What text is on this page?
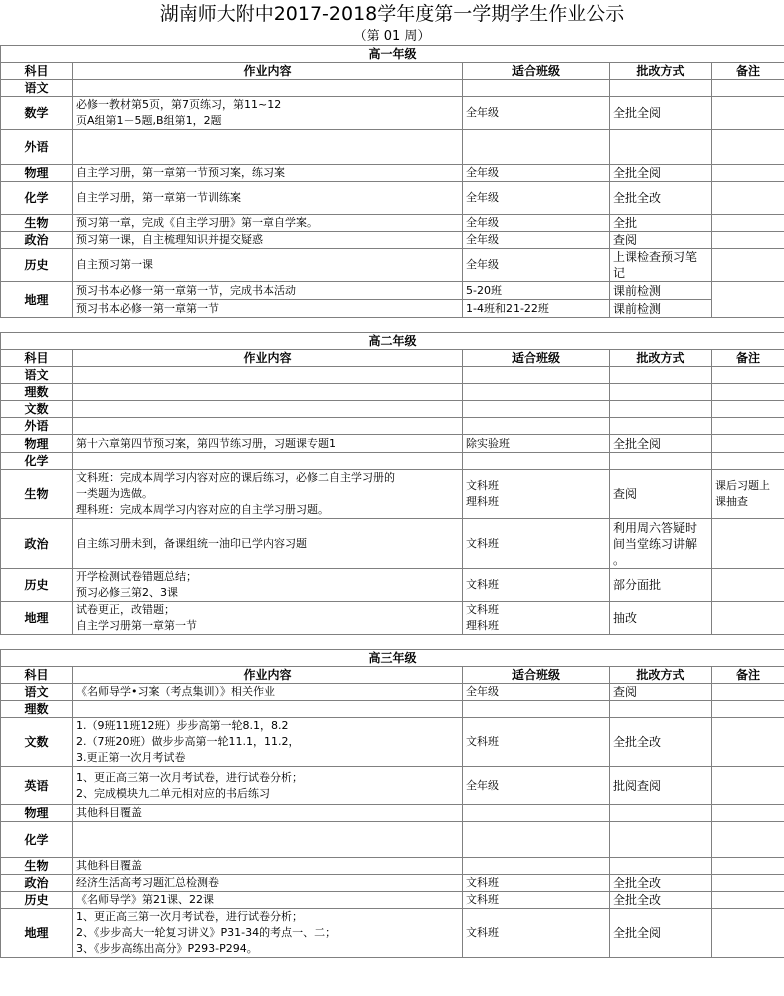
湖南师大附中2017-2018学年度第一学期学生作业公示
（第 01 周）
高一年级				
科目	作业内容	适合班级	批改方式	备注
语文				
数学	必修一教材第5页，第7页练习，第11~12
页A组第1－5题,B组第1，2题	全年级	全批全阅	
外语				
物理	自主学习册，第一章第一节预习案，练习案	全年级	全批全阅	
化学	自主学习册，第一章第一节训练案	全年级	全批全改	
生物	预习第一章，完成《自主学习册》第一章自学案。	全年级	全批	
政治	预习第一课，自主梳理知识并提交疑惑	全年级	查阅	
历史	自主预习第一课	全年级	上课检查预习笔
记	
地理	预习书本必修一第一章第一节，完成书本活动	5-20班	课前检测	
	预习书本必修一第一章第一节	1-4班和21-22班	课前检测	

高二年级				
科目	作业内容	适合班级	批改方式	备注
语文				
理数				
文数				
外语				
物理	第十六章第四节预习案，第四节练习册，习题课专题1	除实验班	全批全阅	
化学				
生物	文科班：完成本周学习内容对应的课后练习，必修二自主学习册的
一类题为选做。
理科班：完成本周学习内容对应的自主学习册习题。	文科班
理科班	查阅	课后习题上
课抽查
政治	自主练习册未到，备课组统一油印已学内容习题	文科班	利用周六答疑时
间当堂练习讲解
。	
历史	开学检测试卷错题总结；
预习必修三第2、3课	文科班	部分面批	
地理	试卷更正，改错题；
自主学习册第一章第一节	文科班
理科班	抽改	

高三年级				
科目	作业内容	适合班级	批改方式	备注
语文	《名师导学•习案（考点集训）》相关作业	全年级	查阅	
理数				
文数	1.（9班11班12班）步步高第一轮8.1，8.2
2.（7班20班）做步步高第一轮11.1，11.2，
3.更正第一次月考试卷	文科班	全批全改	
英语	1、更正高三第一次月考试卷，进行试卷分析；
2、完成模块九二单元相对应的书后练习	全年级	批阅查阅	
物理	其他科目覆盖			
化学				
生物	其他科目覆盖			
政治	经济生活高考习题汇总检测卷	文科班	全批全改	
历史	《名师导学》第21课、22课	文科班	全批全改	
地理	1、更正高三第一次月考试卷，进行试卷分析；
2、《步步高大一轮复习讲义》P31-34的考点一、二；
3、《步步高练出高分》P293-P294。	文科班	全批全阅	
